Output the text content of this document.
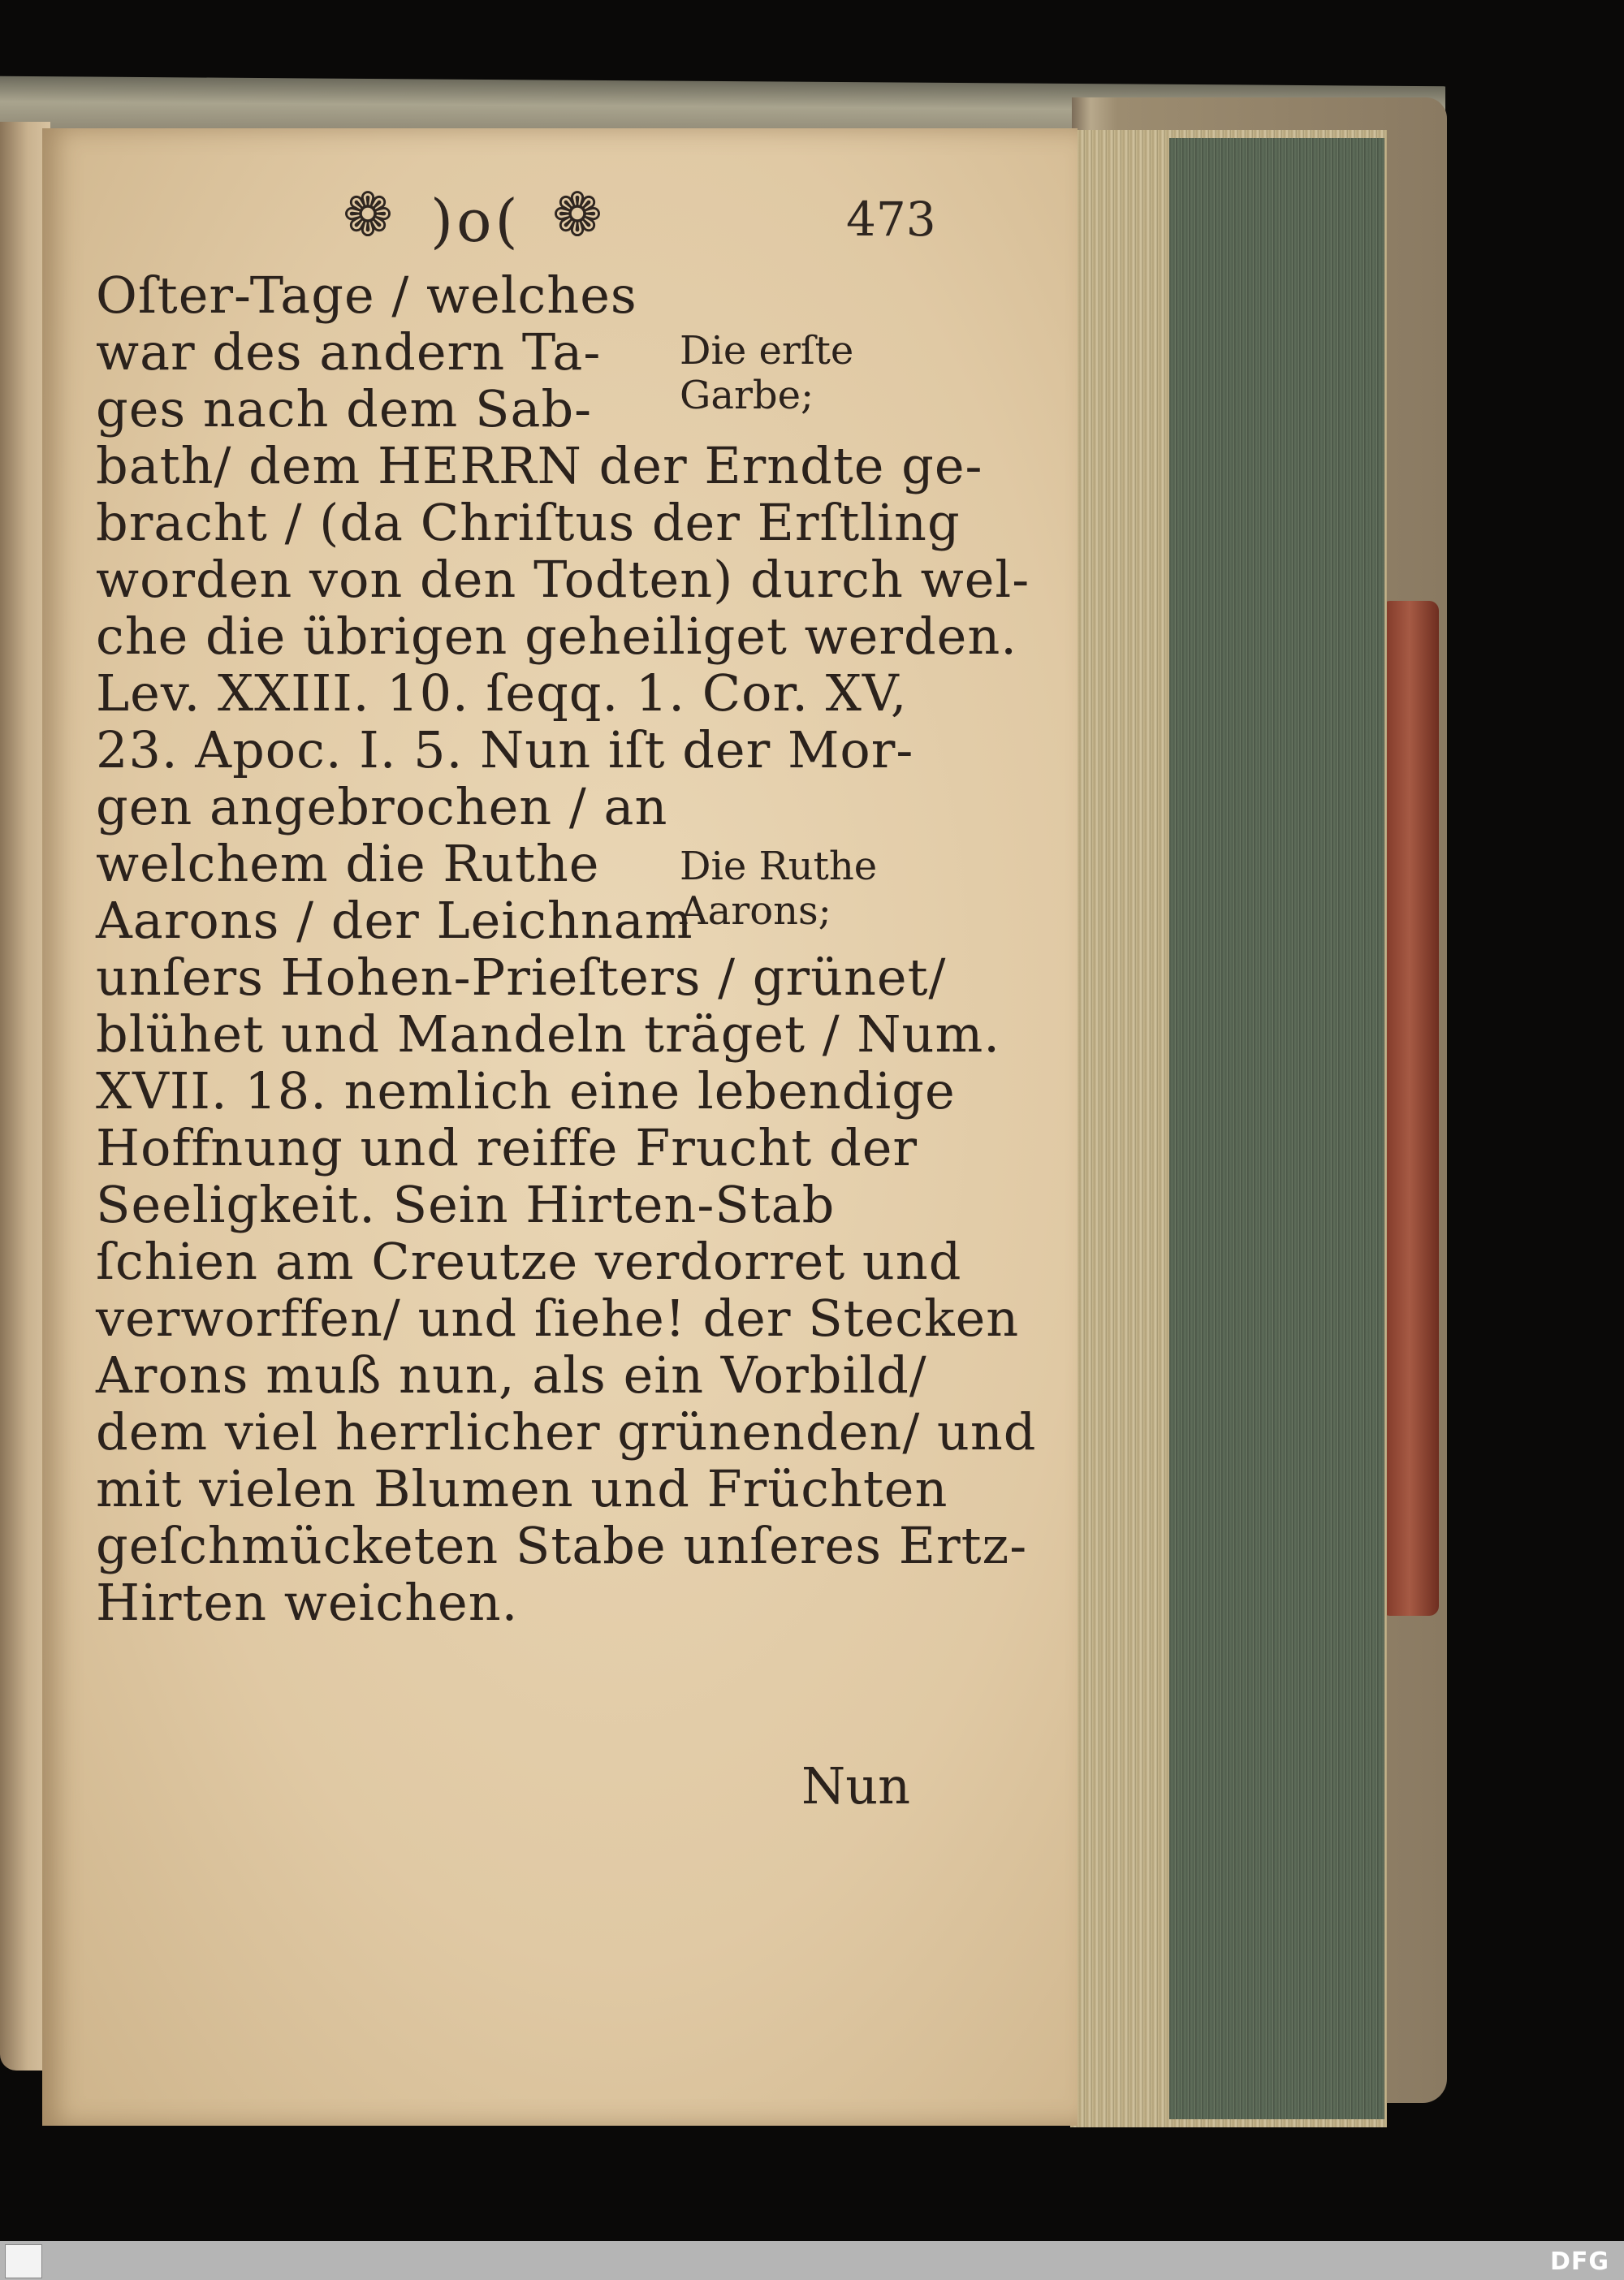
❁ )o( ❁	473
Oſter-Tage / welches
war des andern Ta-
ges nach dem Sab-
bath/ dem HERRN der Erndte ge-
bracht / (da Chriſtus der Erſtling
worden von den Todten) durch wel-
che die übrigen geheiliget werden.
Lev. XXIII. 10. ſeqq. 1. Cor. XV,
23. Apoc. I. 5. Nun iſt der Mor-
gen angebrochen / an
welchem die Ruthe
Aarons / der Leichnam
unſers Hohen-Prieſters / grünet/
blühet und Mandeln träget / Num.
XVII. 18. nemlich eine lebendige
Hoffnung und reiffe Frucht der
Seeligkeit. Sein Hirten-Stab
ſchien am Creutze verdorret und
verworffen/ und ſiehe! der Stecken
Arons muß nun, als ein Vorbild/
dem viel herrlicher grünenden/ und
mit vielen Blumen und Früchten
geſchmücketen Stabe unſeres Ertz-
Hirten weichen.
Die erſte
Garbe;
Die Ruthe
Aarons;
Nun
DFG
